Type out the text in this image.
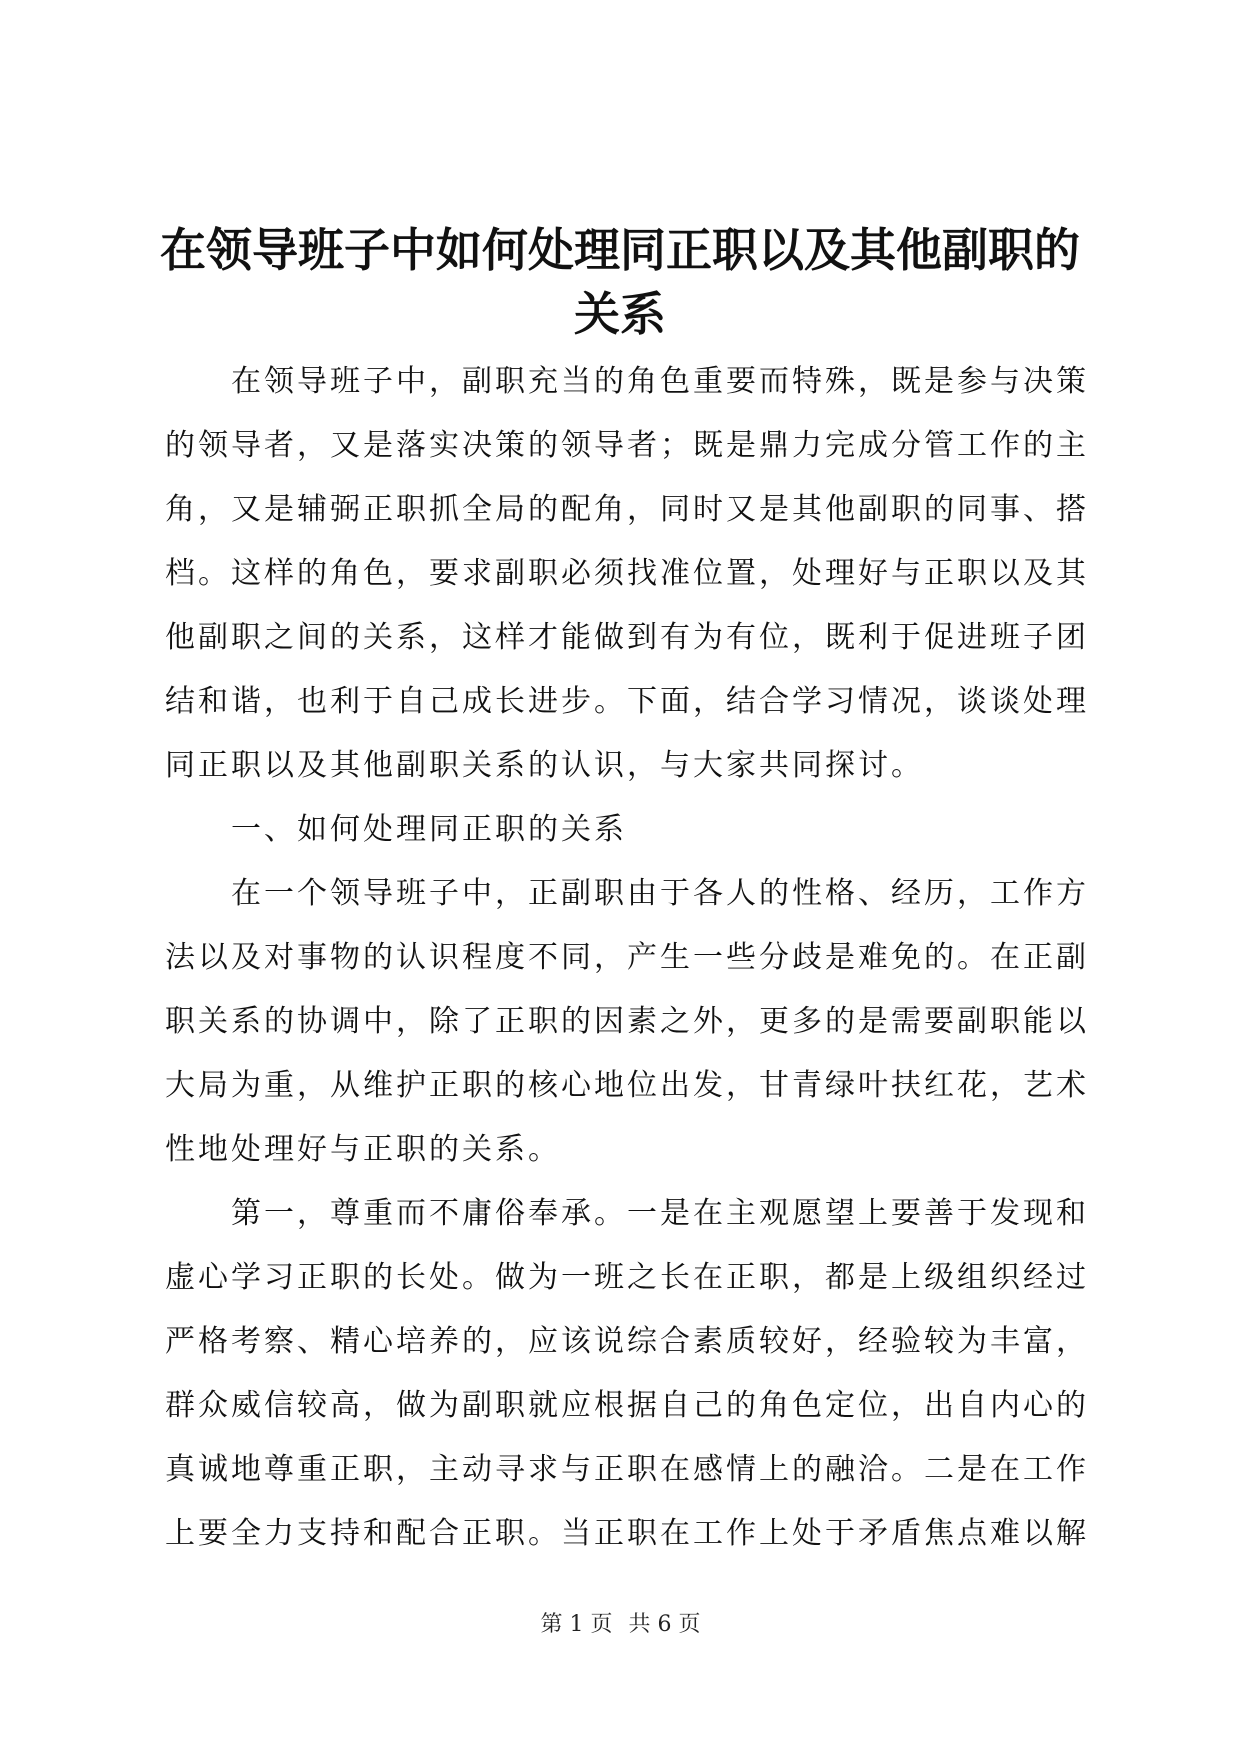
在领导班子中如何处理同正职以及其他副职的
关系
在领导班子中，副职充当的角色重要而特殊，既是参与决策
的领导者，又是落实决策的领导者；既是鼎力完成分管工作的主
角，又是辅弼正职抓全局的配角，同时又是其他副职的同事、搭
档。这样的角色，要求副职必须找准位置，处理好与正职以及其
他副职之间的关系，这样才能做到有为有位，既利于促进班子团
结和谐，也利于自己成长进步。下面，结合学习情况，谈谈处理
同正职以及其他副职关系的认识，与大家共同探讨。
一、如何处理同正职的关系
在一个领导班子中，正副职由于各人的性格、经历，工作方
法以及对事物的认识程度不同，产生一些分歧是难免的。在正副
职关系的协调中，除了正职的因素之外，更多的是需要副职能以
大局为重，从维护正职的核心地位出发，甘青绿叶扶红花，艺术
性地处理好与正职的关系。
第一，尊重而不庸俗奉承。一是在主观愿望上要善于发现和
虚心学习正职的长处。做为一班之长在正职，都是上级组织经过
严格考察、精心培养的，应该说综合素质较好，经验较为丰富，
群众威信较高，做为副职就应根据自己的角色定位，出自内心的
真诚地尊重正职，主动寻求与正职在感情上的融洽。二是在工作
上要全力支持和配合正职。当正职在工作上处于矛盾焦点难以解
第 1 页 共 6 页
